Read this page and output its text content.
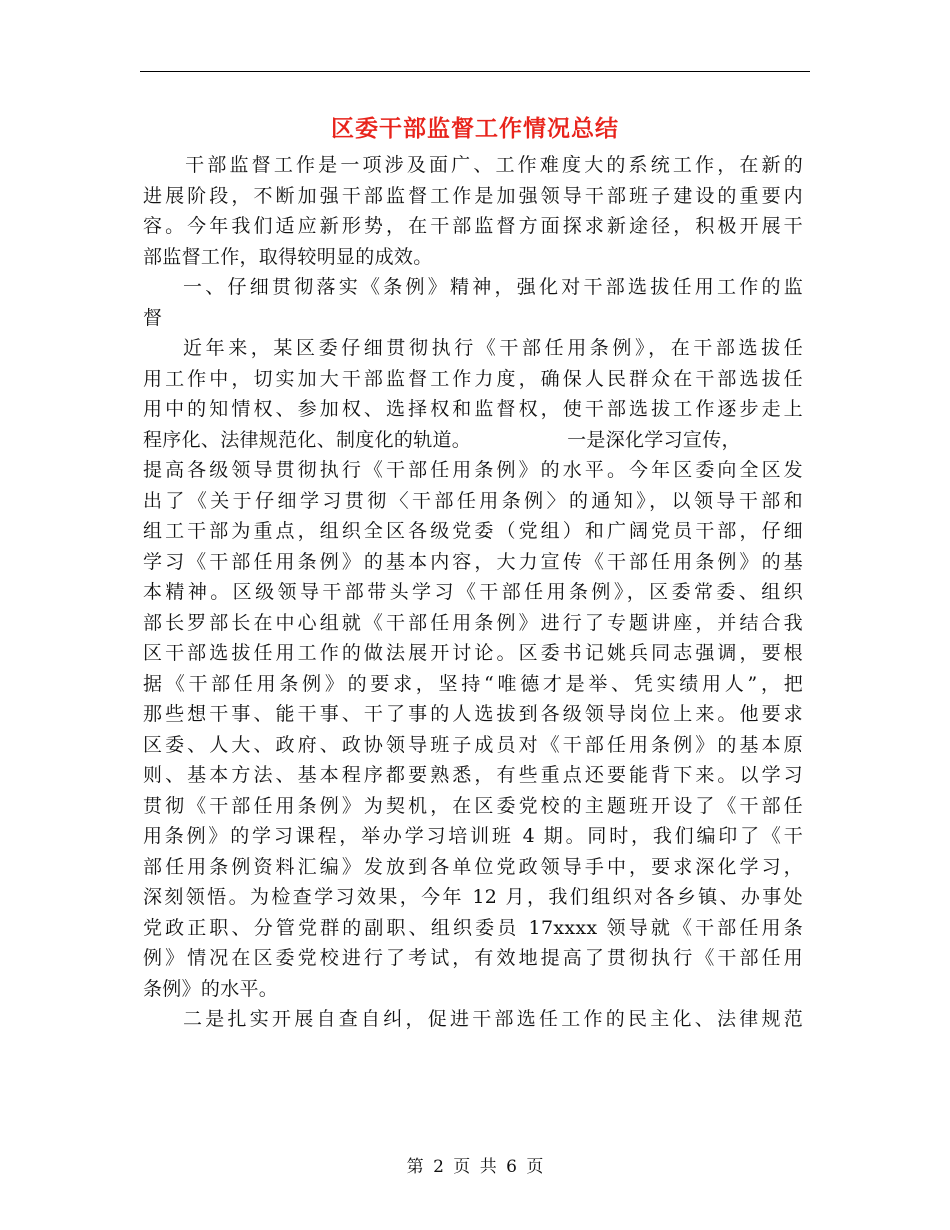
区委干部监督工作情况总结
　干部监督工作是一项涉及面广、工作难度大的系统工作，在新的
进展阶段，不断加强干部监督工作是加强领导干部班子建设的重要内
容。今年我们适应新形势，在干部监督方面探求新途径，积极开展干
部监督工作，取得较明显的成效。
一、仔细贯彻落实《条例》精神，强化对干部选拔任用工作的监
督
近年来，某区委仔细贯彻执行《干部任用条例》，在干部选拔任
用工作中，切实加大干部监督工作力度，确保人民群众在干部选拔任
用中的知情权、参加权、选择权和监督权，使干部选拔工作逐步走上
程序化、法律规范化、制度化的轨道。	一是深化学习宣传，
提高各级领导贯彻执行《干部任用条例》的水平。今年区委向全区发
出了《关于仔细学习贯彻〈干部任用条例〉的通知》，以领导干部和
组工干部为重点，组织全区各级党委（党组）和广阔党员干部，仔细
学习《干部任用条例》的基本内容，大力宣传《干部任用条例》的基
本精神。区级领导干部带头学习《干部任用条例》，区委常委、组织
部长罗部长在中心组就《干部任用条例》进行了专题讲座，并结合我
区干部选拔任用工作的做法展开讨论。区委书记姚兵同志强调，要根
据《干部任用条例》的要求，坚持“唯德才是举、凭实绩用人”，把
那些想干事、能干事、干了事的人选拔到各级领导岗位上来。他要求
区委、人大、政府、政协领导班子成员对《干部任用条例》的基本原
则、基本方法、基本程序都要熟悉，有些重点还要能背下来。以学习
贯彻《干部任用条例》为契机，在区委党校的主题班开设了《干部任
用条例》的学习课程，举办学习培训班 4 期。同时，我们编印了《干
部任用条例资料汇编》发放到各单位党政领导手中，要求深化学习，
深刻领悟。为检查学习效果，今年 12 月，我们组织对各乡镇、办事处
党政正职、分管党群的副职、组织委员 17xxxx 领导就《干部任用条
例》情况在区委党校进行了考试，有效地提高了贯彻执行《干部任用
条例》的水平。
二是扎实开展自查自纠，促进干部选任工作的民主化、法律规范
第 2 页 共 6 页
